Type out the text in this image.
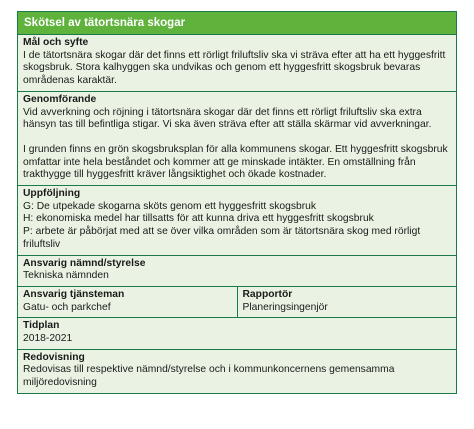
Skötsel av tätortsnära skogar
Mål och syfte

I de tätortsnära skogar där det finns ett rörligt friluftsliv ska vi sträva efter att ha ett hyggesfritt skogsbruk. Stora kalhyggen ska undvikas och genom ett hyggesfritt skogsbruk bevaras områdenas karaktär.

Genomförande

Vid avverkning och röjning i tätortsnära skogar där det finns ett rörligt friluftsliv ska extra hänsyn tas till befintliga stigar. Vi ska även sträva efter att ställa skärmar vid avverkningar.

I grunden finns en grön skogsbruksplan för alla kommunens skogar. Ett hyggesfritt skogsbruk omfattar inte hela beståndet och kommer att ge minskade intäkter. En omställning från trakthygge till hyggesfritt kräver långsiktighet och ökade kostnader.

Uppföljning
G: De utpekade skogarna sköts genom ett hyggesfritt skogsbruk
H: ekonomiska medel har tillsatts för att kunna driva ett hyggesfritt skogsbruk
P: arbete är påbörjat med att se över vilka områden som är tätortsnära skog med rörligt friluftsliv
Ansvarig nämnd/styrelse
Tekniska nämnden
Ansvarig tjänsteman
Gatu- och parkchef
Rapportör
Planeringsingenjör
Tidplan
2018-2021
Redovisning
Redovisas till respektive nämnd/styrelse och i kommunkoncernens gemensamma miljöredovisning
